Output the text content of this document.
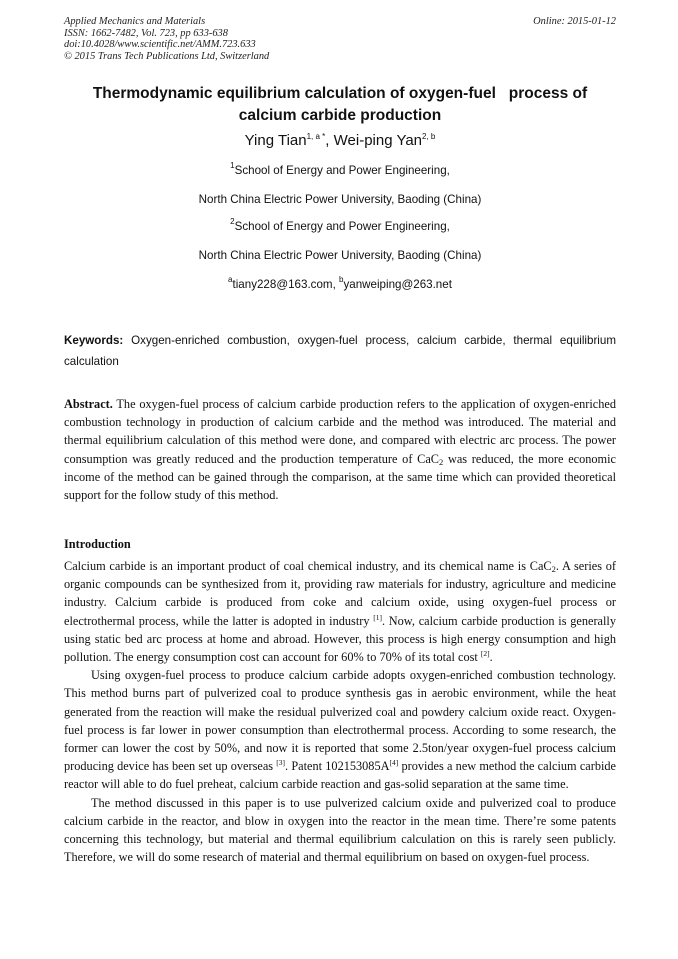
Applied Mechanics and Materials
ISSN: 1662-7482, Vol. 723, pp 633-638
doi:10.4028/www.scientific.net/AMM.723.633
© 2015 Trans Tech Publications Ltd, Switzerland
Online: 2015-01-12
Thermodynamic equilibrium calculation of oxygen-fuel   process of
calcium carbide production
Ying Tian$^{1, a *}$, Wei-ping Yan$^{2, b}$
$^1$School of Energy and Power Engineering,
North China Electric Power University, Baoding (China)
$^2$School of Energy and Power Engineering,
North China Electric Power University, Baoding (China)
$^a$tiany228@163.com, $^b$yanweiping@263.net
Keywords: Oxygen-enriched combustion, oxygen-fuel process, calcium carbide, thermal equilibrium calculation
Abstract. The oxygen-fuel process of calcium carbide production refers to the application of oxygen-enriched combustion technology in production of calcium carbide and the method was introduced. The material and thermal equilibrium calculation of this method were done, and compared with electric arc process. The power consumption was greatly reduced and the production temperature of CaC$_2$ was reduced, the more economic income of the method can be gained through the comparison, at the same time which can provided theoretical support for the follow study of this method.
Introduction

Calcium carbide is an important product of coal chemical industry, and its chemical name is CaC$_2$. A series of organic compounds can be synthesized from it, providing raw materials for industry, agriculture and medicine industry. Calcium carbide is produced from coke and calcium oxide, using oxygen-fuel process or electrothermal process, while the latter is adopted in industry [1]. Now, calcium carbide production is generally using static bed arc process at home and abroad. However, this process is high energy consumption and high pollution. The energy consumption cost can account for 60% to 70% of its total cost [2].

Using oxygen-fuel process to produce calcium carbide adopts oxygen-enriched combustion technology. This method burns part of pulverized coal to produce synthesis gas in aerobic environment, while the heat generated from the reaction will make the residual pulverized coal and powdery calcium oxide react. Oxygen-fuel process is far lower in power consumption than electrothermal process. According to some research, the former can lower the cost by 50%, and now it is reported that some 2.5ton/year oxygen-fuel process calcium producing device has been set up overseas [3]. Patent 102153085A[4] provides a new method the calcium carbide reactor will able to do fuel preheat, calcium carbide reaction and gas-solid separation at the same time.

The method discussed in this paper is to use pulverized calcium oxide and pulverized coal to produce calcium carbide in the reactor, and blow in oxygen into the reactor in the mean time. There’re some patents concerning this technology, but material and thermal equilibrium calculation on this is rarely seen publicly. Therefore, we will do some research of material and thermal equilibrium on based on oxygen-fuel process.
